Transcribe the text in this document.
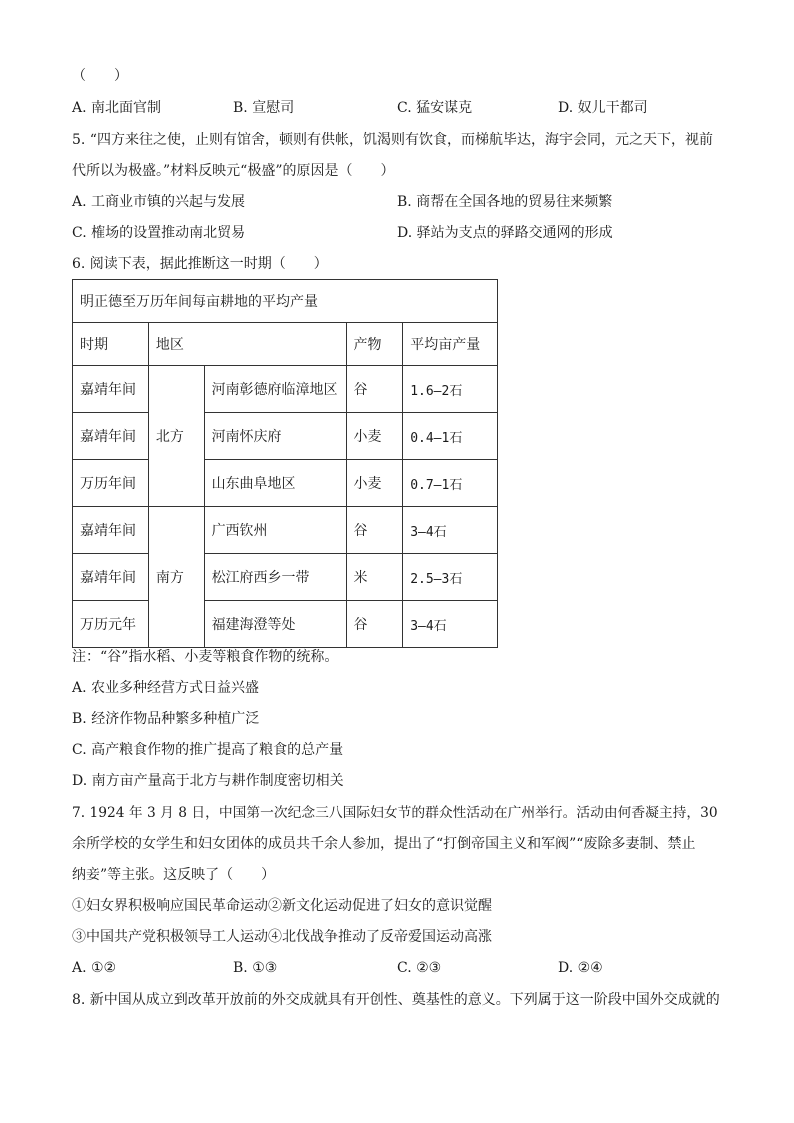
（　　）
A. 南北面官制	B. 宣慰司	C. 猛安谋克	D. 奴儿干都司
5. “四方来往之使，止则有馆舍，顿则有供帐，饥渴则有饮食，而梯航毕达，海宇会同，元之天下，视前
代所以为极盛。”材料反映元“极盛”的原因是（　　）
A. 工商业市镇的兴起与发展	B. 商帮在全国各地的贸易往来频繁
C. 榷场的设置推动南北贸易	D. 驿站为支点的驿路交通网的形成
6. 阅读下表，据此推断这一时期（　　）
明正德至万历年间每亩耕地的平均产量				
时期	地区		产物	平均亩产量
嘉靖年间	北方	河南彰德府临漳地区	谷	1.6—2石
嘉靖年间		河南怀庆府	小麦	0.4—1石
万历年间		山东曲阜地区	小麦	0.7—1石
嘉靖年间	南方	广西钦州	谷	3—4石
嘉靖年间		松江府西乡一带	米	2.5—3石
万历元年		福建海澄等处	谷	3—4石
注：“谷”指水稻、小麦等粮食作物的统称。
A. 农业多种经营方式日益兴盛
B. 经济作物品种繁多种植广泛
C. 高产粮食作物的推广提高了粮食的总产量
D. 南方亩产量高于北方与耕作制度密切相关
7. 1924 年 3 月 8 日，中国第一次纪念三八国际妇女节的群众性活动在广州举行。活动由何香凝主持，30
余所学校的女学生和妇女团体的成员共千余人参加，提出了“打倒帝国主义和军阀”“废除多妻制、禁止
纳妾”等主张。这反映了（　　）
①妇女界积极响应国民革命运动②新文化运动促进了妇女的意识觉醒
③中国共产党积极领导工人运动④北伐战争推动了反帝爱国运动高涨
A. ①②	B. ①③	C. ②③	D. ②④
8. 新中国从成立到改革开放前的外交成就具有开创性、奠基性的意义。下列属于这一阶段中国外交成就的
